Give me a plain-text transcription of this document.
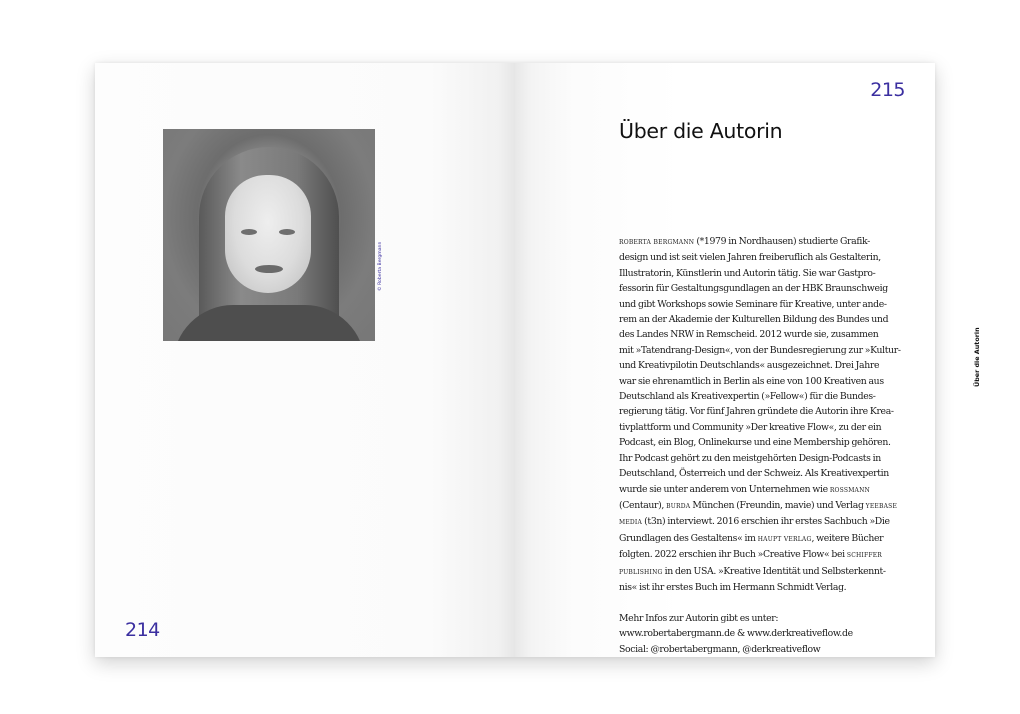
© Roberta Bergmann
214
215
Über die Autorin
Über die Autorin
roberta bergmann (*1979 in Nordhausen) studierte Grafik-
design und ist seit vielen Jahren freiberuflich als Gestalterin,
Illustratorin, Künstlerin und Autorin tätig. Sie war Gastpro-
fessorin für Gestaltungsgundlagen an der HBK Braunschweig
und gibt Workshops sowie Seminare für Kreative, unter ande-
rem an der Akademie der Kulturellen Bildung des Bundes und
des Landes NRW in Remscheid. 2012 wurde sie, zusammen
mit »Tatendrang-Design«, von der Bundesregierung zur »Kultur-
und Kreativpilotin Deutschlands« ausgezeichnet. Drei Jahre
war sie ehrenamtlich in Berlin als eine von 100 Kreativen aus
Deutschland als Kreativexpertin (»Fellow«) für die Bundes-
regierung tätig. Vor fünf Jahren gründete die Autorin ihre Krea-
tivplattform und Community »Der kreative Flow«, zu der ein
Podcast, ein Blog, Onlinekurse und eine Membership gehören.
Ihr Podcast gehört zu den meistgehörten Design-Podcasts in
Deutschland, Österreich und der Schweiz. Als Kreativexpertin
wurde sie unter anderem von Unternehmen wie rossmann
(Centaur), burda München (Freundin, mavie) und Verlag yeebase
media (t3n) interviewt. 2016 erschien ihr erstes Sachbuch »Die
Grundlagen des Gestaltens« im haupt verlag, weitere Bücher
folgten. 2022 erschien ihr Buch »Creative Flow« bei schiffer
publishing in den USA. »Kreative Identität und Selbsterkennt-
nis« ist ihr erstes Buch im Hermann Schmidt Verlag.
Mehr Infos zur Autorin gibt es unter:
www.robertabergmann.de & www.derkreativeflow.de
Social: @robertabergmann, @derkreativeflow
